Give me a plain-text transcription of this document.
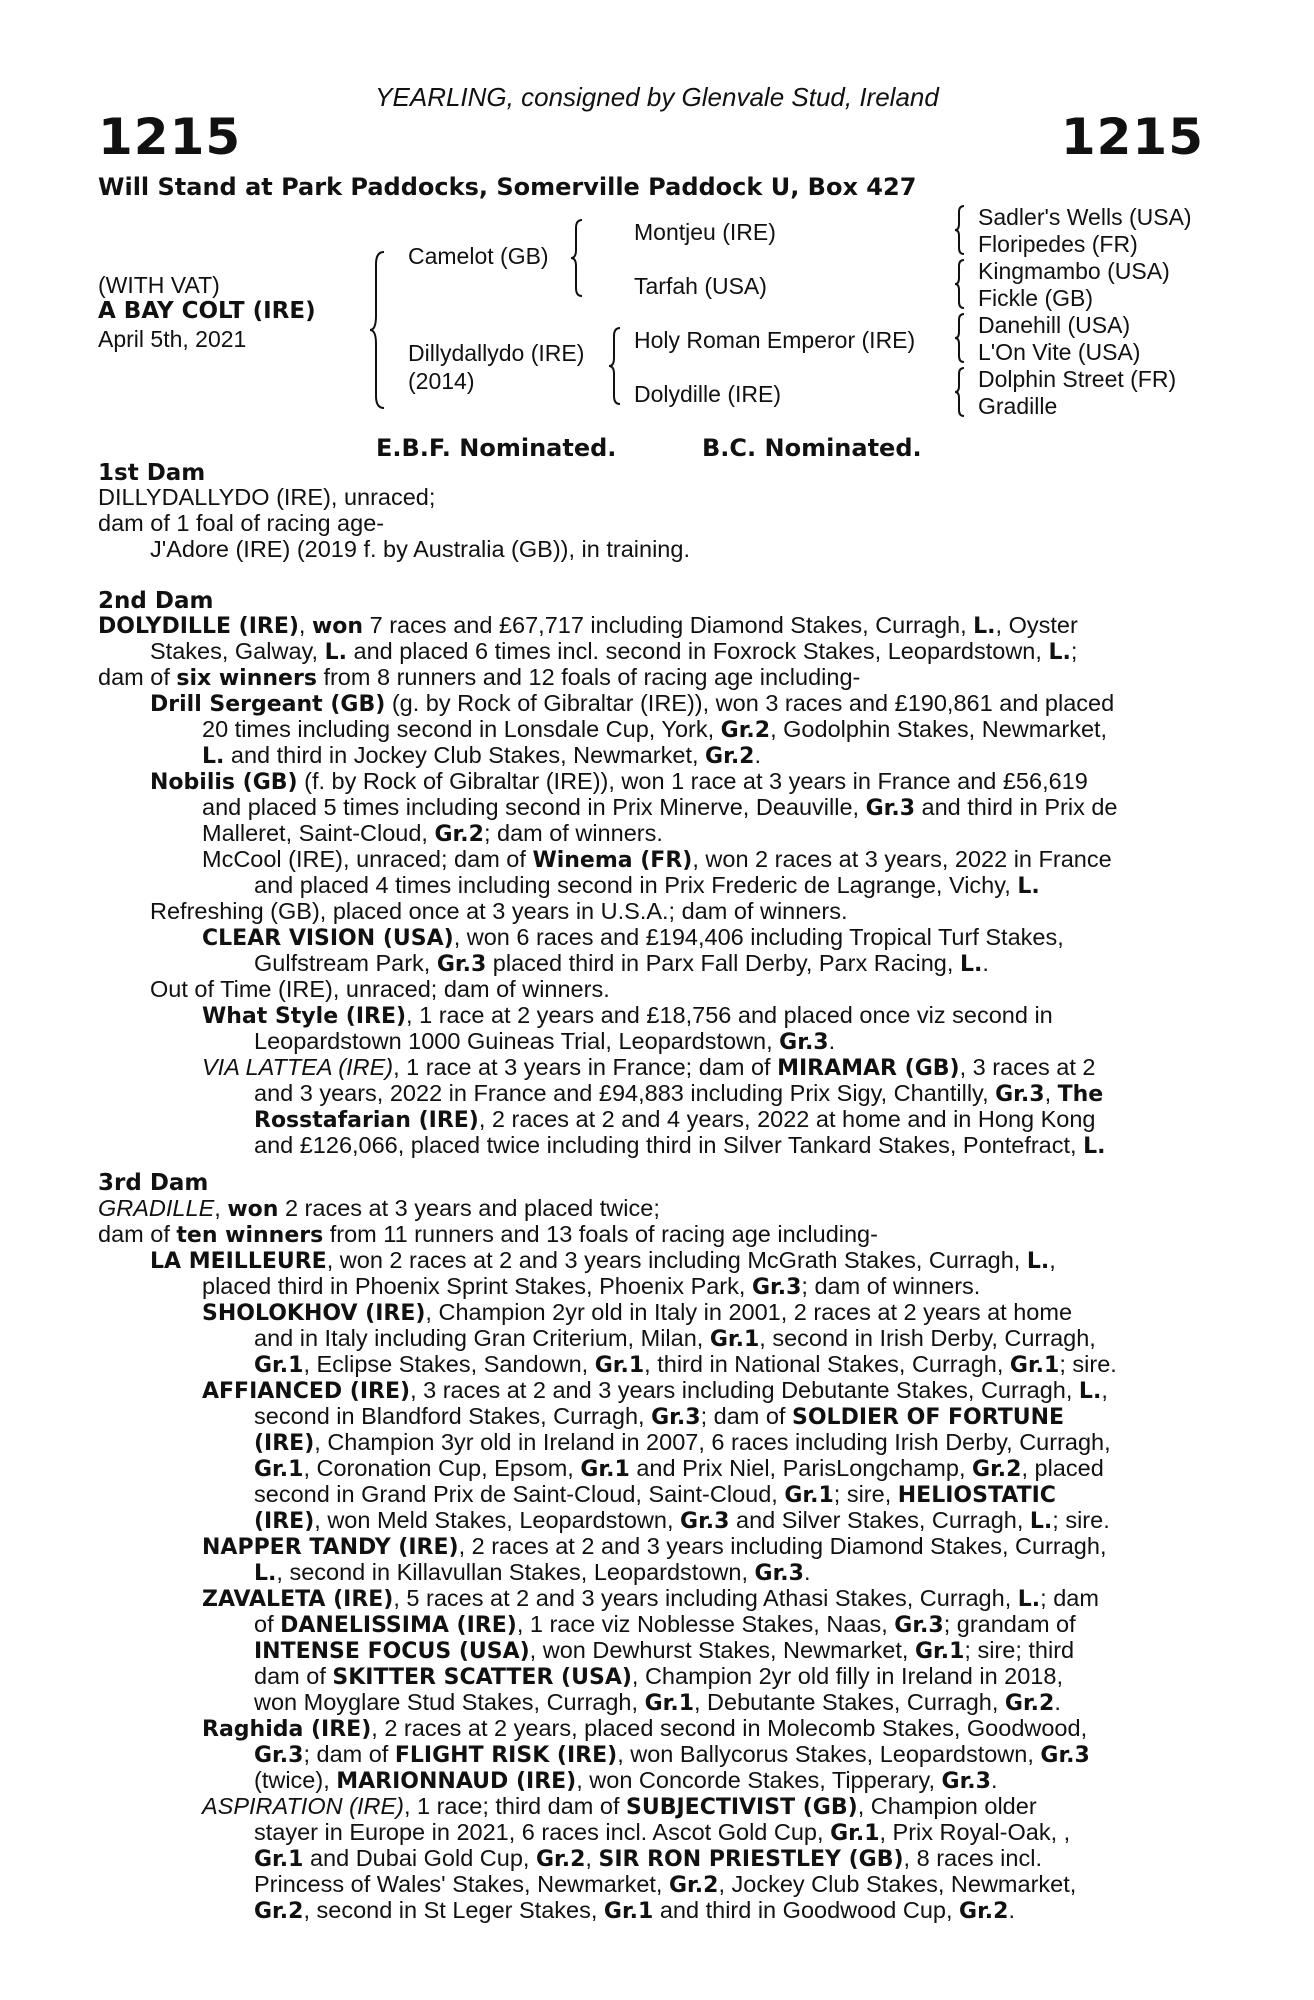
YEARLING, consigned by Glenvale Stud, Ireland
1215	1215
Will Stand at Park Paddocks, Somerville Paddock U, Box 427
(WITH VAT)
A BAY COLT (IRE)
April 5th, 2021
Camelot (GB)
Dillydallydo (IRE)
(2014)
Montjeu (IRE)
Tarfah (USA)
Holy Roman Emperor (IRE)
Dolydille (IRE)
Sadler's Wells (USA)
Floripedes (FR)
Kingmambo (USA)
Fickle (GB)
Danehill (USA)
L'On Vite (USA)
Dolphin Street (FR)
Gradille
E.B.F. Nominated.	B.C. Nominated.
1st Dam
DILLYDALLYDO (IRE), unraced;
dam of 1 foal of racing age-
J'Adore (IRE) (2019 f. by Australia (GB)), in training.
2nd Dam
DOLYDILLE (IRE), won 7 races and £67,717 including Diamond Stakes, Curragh, L., Oyster
Stakes, Galway, L. and placed 6 times incl. second in Foxrock Stakes, Leopardstown, L.;
dam of six winners from 8 runners and 12 foals of racing age including-
Drill Sergeant (GB) (g. by Rock of Gibraltar (IRE)), won 3 races and £190,861 and placed
20 times including second in Lonsdale Cup, York, Gr.2, Godolphin Stakes, Newmarket,
L. and third in Jockey Club Stakes, Newmarket, Gr.2.
Nobilis (GB) (f. by Rock of Gibraltar (IRE)), won 1 race at 3 years in France and £56,619
and placed 5 times including second in Prix Minerve, Deauville, Gr.3 and third in Prix de
Malleret, Saint-Cloud, Gr.2; dam of winners.
McCool (IRE), unraced; dam of Winema (FR), won 2 races at 3 years, 2022 in France
and placed 4 times including second in Prix Frederic de Lagrange, Vichy, L.
Refreshing (GB), placed once at 3 years in U.S.A.; dam of winners.
CLEAR VISION (USA), won 6 races and £194,406 including Tropical Turf Stakes,
Gulfstream Park, Gr.3 placed third in Parx Fall Derby, Parx Racing, L..
Out of Time (IRE), unraced; dam of winners.
What Style (IRE), 1 race at 2 years and £18,756 and placed once viz second in
Leopardstown 1000 Guineas Trial, Leopardstown, Gr.3.
VIA LATTEA (IRE), 1 race at 3 years in France; dam of MIRAMAR (GB), 3 races at 2
and 3 years, 2022 in France and £94,883 including Prix Sigy, Chantilly, Gr.3, The
Rosstafarian (IRE), 2 races at 2 and 4 years, 2022 at home and in Hong Kong
and £126,066, placed twice including third in Silver Tankard Stakes, Pontefract, L.
3rd Dam
GRADILLE, won 2 races at 3 years and placed twice;
dam of ten winners from 11 runners and 13 foals of racing age including-
LA MEILLEURE, won 2 races at 2 and 3 years including McGrath Stakes, Curragh, L.,
placed third in Phoenix Sprint Stakes, Phoenix Park, Gr.3; dam of winners.
SHOLOKHOV (IRE), Champion 2yr old in Italy in 2001, 2 races at 2 years at home
and in Italy including Gran Criterium, Milan, Gr.1, second in Irish Derby, Curragh,
Gr.1, Eclipse Stakes, Sandown, Gr.1, third in National Stakes, Curragh, Gr.1; sire.
AFFIANCED (IRE), 3 races at 2 and 3 years including Debutante Stakes, Curragh, L.,
second in Blandford Stakes, Curragh, Gr.3; dam of SOLDIER OF FORTUNE
(IRE), Champion 3yr old in Ireland in 2007, 6 races including Irish Derby, Curragh,
Gr.1, Coronation Cup, Epsom, Gr.1 and Prix Niel, ParisLongchamp, Gr.2, placed
second in Grand Prix de Saint-Cloud, Saint-Cloud, Gr.1; sire, HELIOSTATIC
(IRE), won Meld Stakes, Leopardstown, Gr.3 and Silver Stakes, Curragh, L.; sire.
NAPPER TANDY (IRE), 2 races at 2 and 3 years including Diamond Stakes, Curragh,
L., second in Killavullan Stakes, Leopardstown, Gr.3.
ZAVALETA (IRE), 5 races at 2 and 3 years including Athasi Stakes, Curragh, L.; dam
of DANELISSIMA (IRE), 1 race viz Noblesse Stakes, Naas, Gr.3; grandam of
INTENSE FOCUS (USA), won Dewhurst Stakes, Newmarket, Gr.1; sire; third
dam of SKITTER SCATTER (USA), Champion 2yr old filly in Ireland in 2018,
won Moyglare Stud Stakes, Curragh, Gr.1, Debutante Stakes, Curragh, Gr.2.
Raghida (IRE), 2 races at 2 years, placed second in Molecomb Stakes, Goodwood,
Gr.3; dam of FLIGHT RISK (IRE), won Ballycorus Stakes, Leopardstown, Gr.3
(twice), MARIONNAUD (IRE), won Concorde Stakes, Tipperary, Gr.3.
ASPIRATION (IRE), 1 race; third dam of SUBJECTIVIST (GB), Champion older
stayer in Europe in 2021, 6 races incl. Ascot Gold Cup, Gr.1, Prix Royal-Oak, ,
Gr.1 and Dubai Gold Cup, Gr.2, SIR RON PRIESTLEY (GB), 8 races incl.
Princess of Wales' Stakes, Newmarket, Gr.2, Jockey Club Stakes, Newmarket,
Gr.2, second in St Leger Stakes, Gr.1 and third in Goodwood Cup, Gr.2.
